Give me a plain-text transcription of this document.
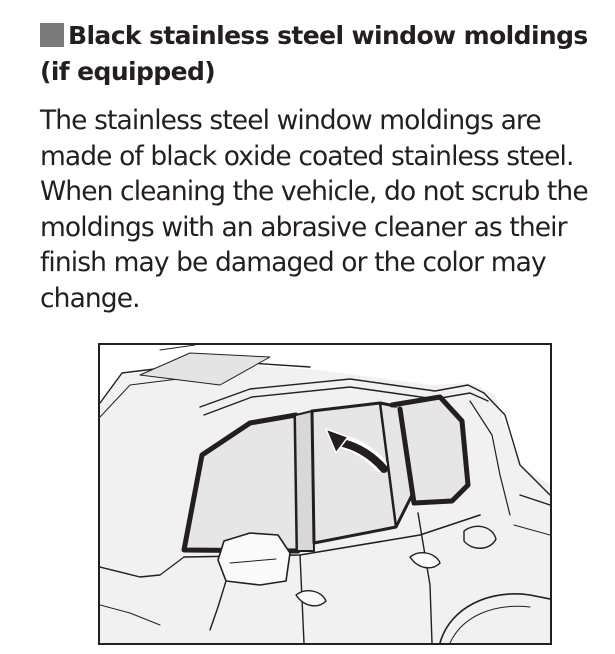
Black stainless steel window moldings (if equipped)

The stainless steel window moldings are made of black oxide coated stainless steel. When cleaning the vehicle, do not scrub the moldings with an abrasive cleaner as their finish may be damaged or the color may change.
